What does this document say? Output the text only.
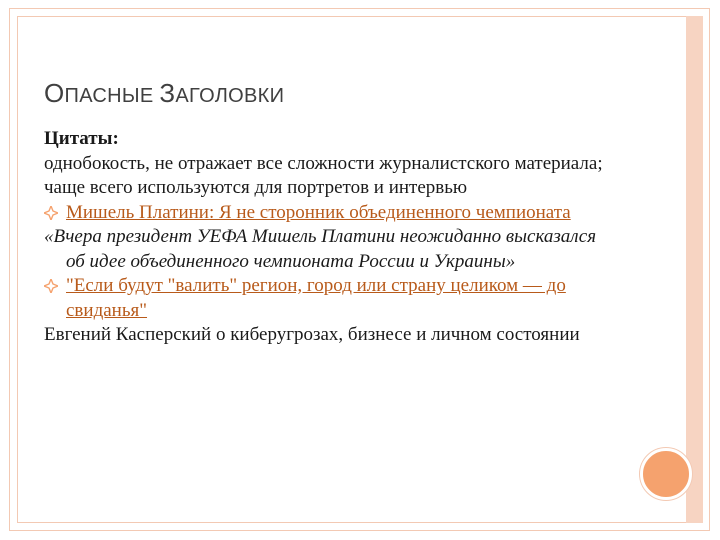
ОПАСНЫЕ ЗАГОЛОВКИ
Цитаты:
однобокость, не отражает все сложности журналистского материала;
чаще всего используются для портретов и интервью
Мишель Платини: Я не сторонник объединенного чемпионата
«Вчера президент УЕФА Мишель Платини неожиданно высказался об идее объединенного чемпионата России и Украины»
"Если будут "валить" регион, город или страну целиком — до свиданья"
Евгений Касперский о киберугрозах, бизнесе и личном состоянии
